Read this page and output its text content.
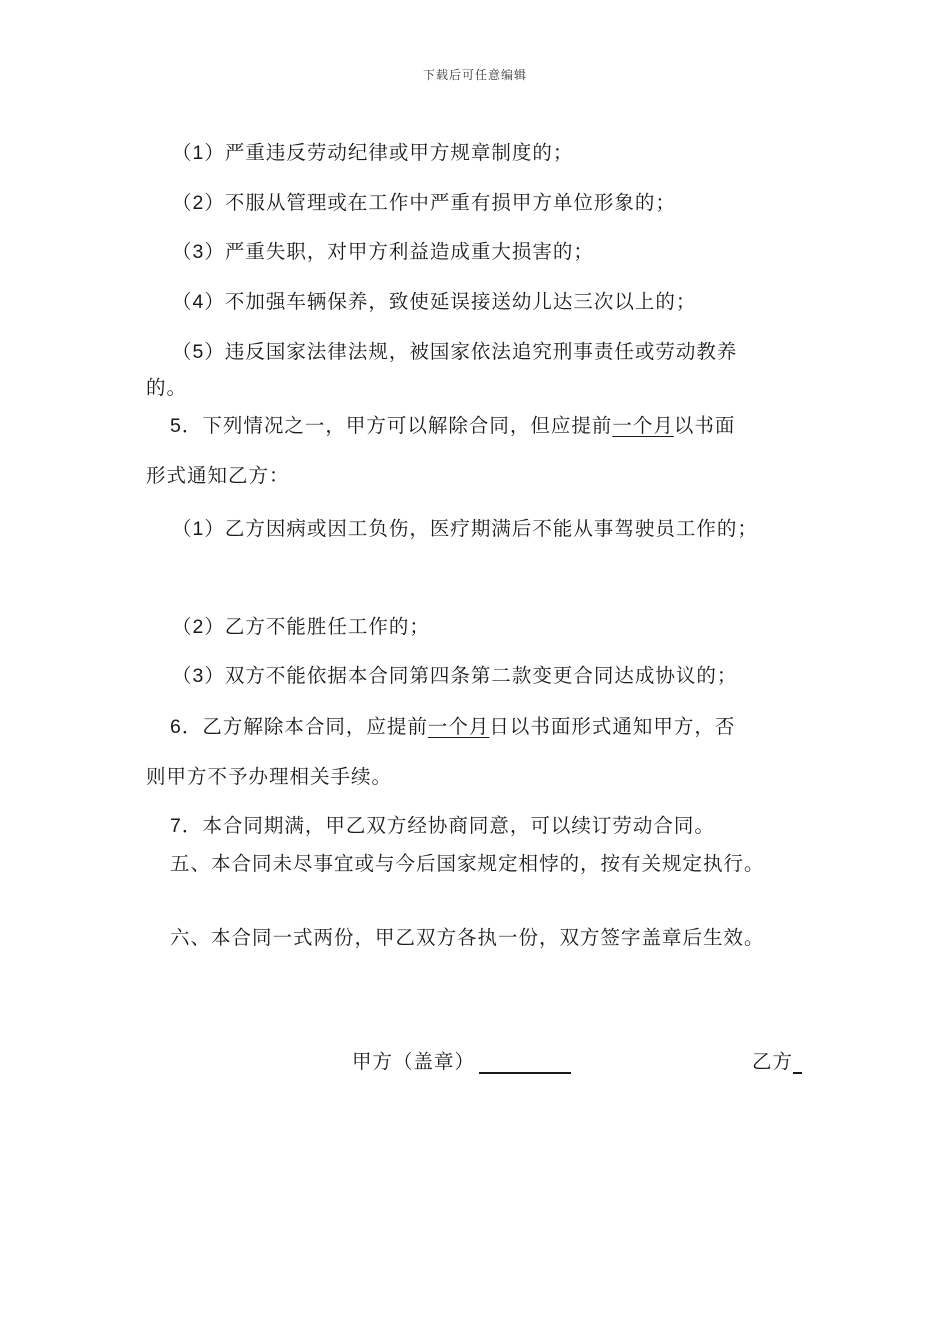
下载后可任意编辑
（1）严重违反劳动纪律或甲方规章制度的；
（2）不服从管理或在工作中严重有损甲方单位形象的；
（3）严重失职，对甲方利益造成重大损害的；
（4）不加强车辆保养，致使延误接送幼儿达三次以上的；
（5）违反国家法律法规，被国家依法追究刑事责任或劳动教养
的。
5．下列情况之一，甲方可以解除合同，但应提前一个月以书面
形式通知乙方：
（1）乙方因病或因工负伤，医疗期满后不能从事驾驶员工作的；
（2）乙方不能胜任工作的；
（3）双方不能依据本合同第四条第二款变更合同达成协议的；
6．乙方解除本合同，应提前一个月日以书面形式通知甲方，否
则甲方不予办理相关手续。
7．本合同期满，甲乙双方经协商同意，可以续订劳动合同。
五、本合同未尽事宜或与今后国家规定相悖的，按有关规定执行。
六、本合同一式两份，甲乙双方各执一份，双方签字盖章后生效。
甲方（盖章）	乙方
